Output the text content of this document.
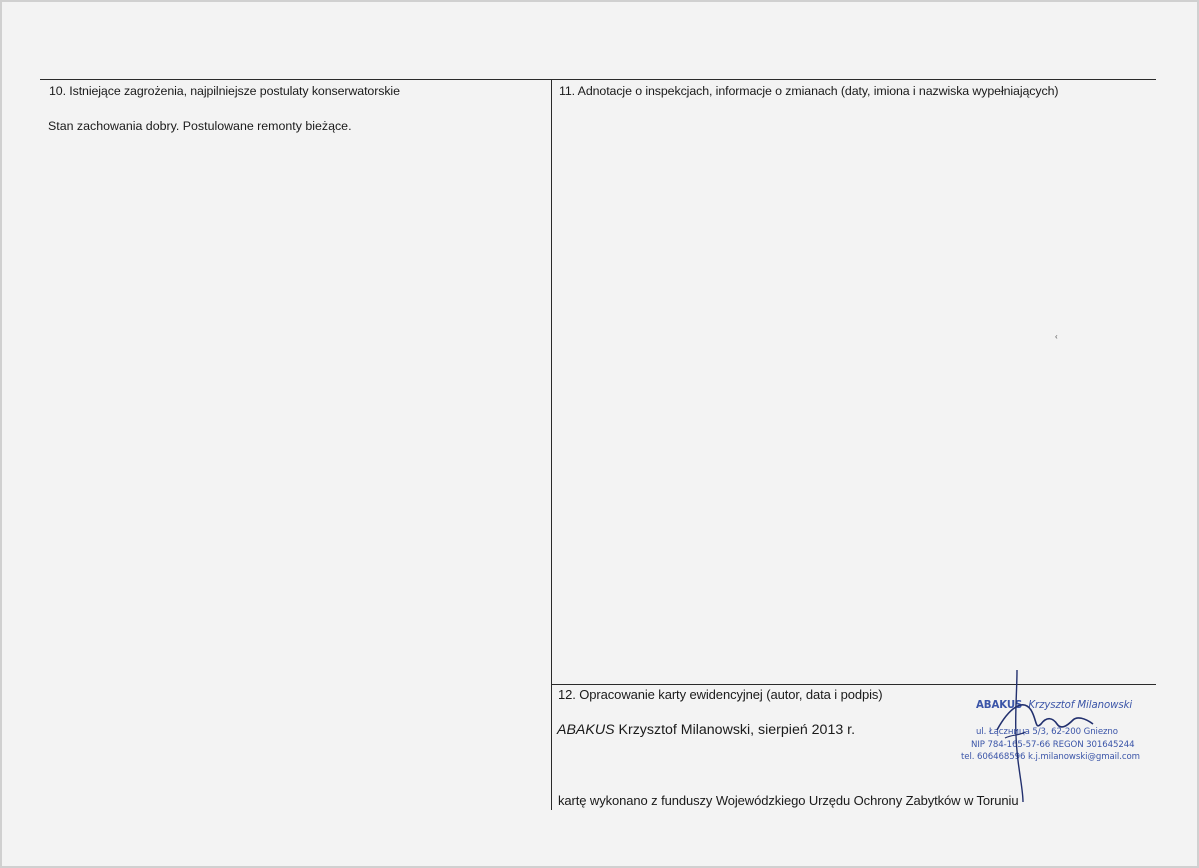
10. Istniejące zagrożenia, najpilniejsze postulaty konserwatorskie
Stan zachowania dobry. Postulowane remonty bieżące.
11. Adnotacje o inspekcjach, informacje o zmianach (daty, imiona i nazwiska wypełniających)
‹
12. Opracowanie karty ewidencyjnej (autor, data i podpis)
ABAKUS Krzysztof Milanowski, sierpień 2013 r.
kartę wykonano z funduszy Wojewódzkiego Urzędu Ochrony Zabytków w Toruniu
ABAKUS Krzysztof Milanowski
ul. Łączница 5/3, 62-200 Gniezno
NIP 784-165-57-66 REGON 301645244
tel. 606468596 k.j.milanowski@gmail.com
